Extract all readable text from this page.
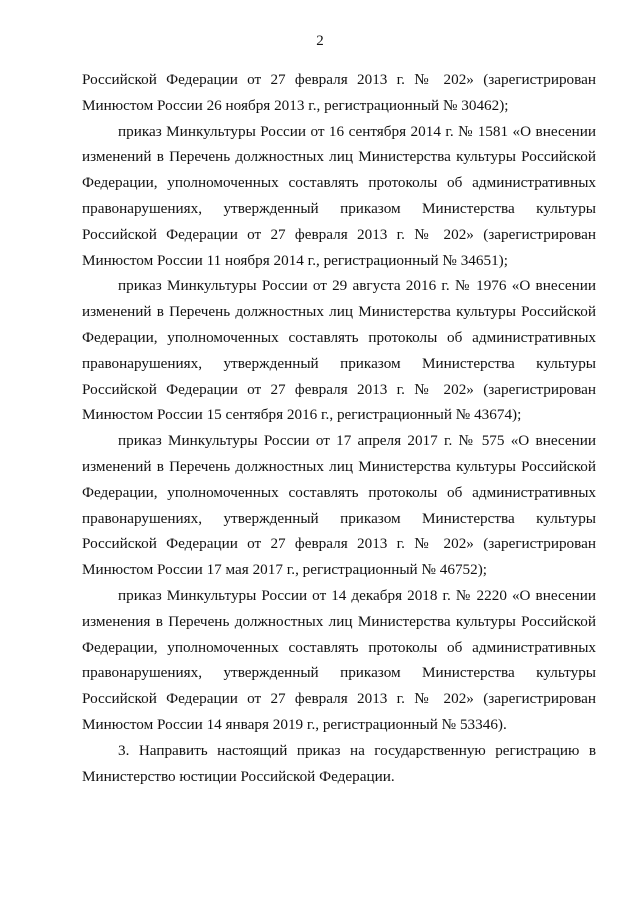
2

Российской Федерации от 27 февраля 2013 г. № 202» (зарегистрирован Минюстом России 26 ноября 2013 г., регистрационный № 30462);

приказ Минкультуры России от 16 сентября 2014 г. № 1581 «О внесении изменений в Перечень должностных лиц Министерства культуры Российской Федерации, уполномоченных составлять протоколы об административных правонарушениях, утвержденный приказом Министерства культуры Российской Федерации от 27 февраля 2013 г. № 202» (зарегистрирован Минюстом России 11 ноября 2014 г., регистрационный № 34651);

приказ Минкультуры России от 29 августа 2016 г. № 1976 «О внесении изменений в Перечень должностных лиц Министерства культуры Российской Федерации, уполномоченных составлять протоколы об административных правонарушениях, утвержденный приказом Министерства культуры Российской Федерации от 27 февраля 2013 г. № 202» (зарегистрирован Минюстом России 15 сентября 2016 г., регистрационный № 43674);

приказ Минкультуры России от 17 апреля 2017 г. № 575 «О внесении изменений в Перечень должностных лиц Министерства культуры Российской Федерации, уполномоченных составлять протоколы об административных правонарушениях, утвержденный приказом Министерства культуры Российской Федерации от 27 февраля 2013 г. № 202» (зарегистрирован Минюстом России 17 мая 2017 г., регистрационный № 46752);

приказ Минкультуры России от 14 декабря 2018 г. № 2220 «О внесении изменения в Перечень должностных лиц Министерства культуры Российской Федерации, уполномоченных составлять протоколы об административных правонарушениях, утвержденный приказом Министерства культуры Российской Федерации от 27 февраля 2013 г. № 202» (зарегистрирован Минюстом России 14 января 2019 г., регистрационный № 53346).

3. Направить настоящий приказ на государственную регистрацию в Министерство юстиции Российской Федерации.
